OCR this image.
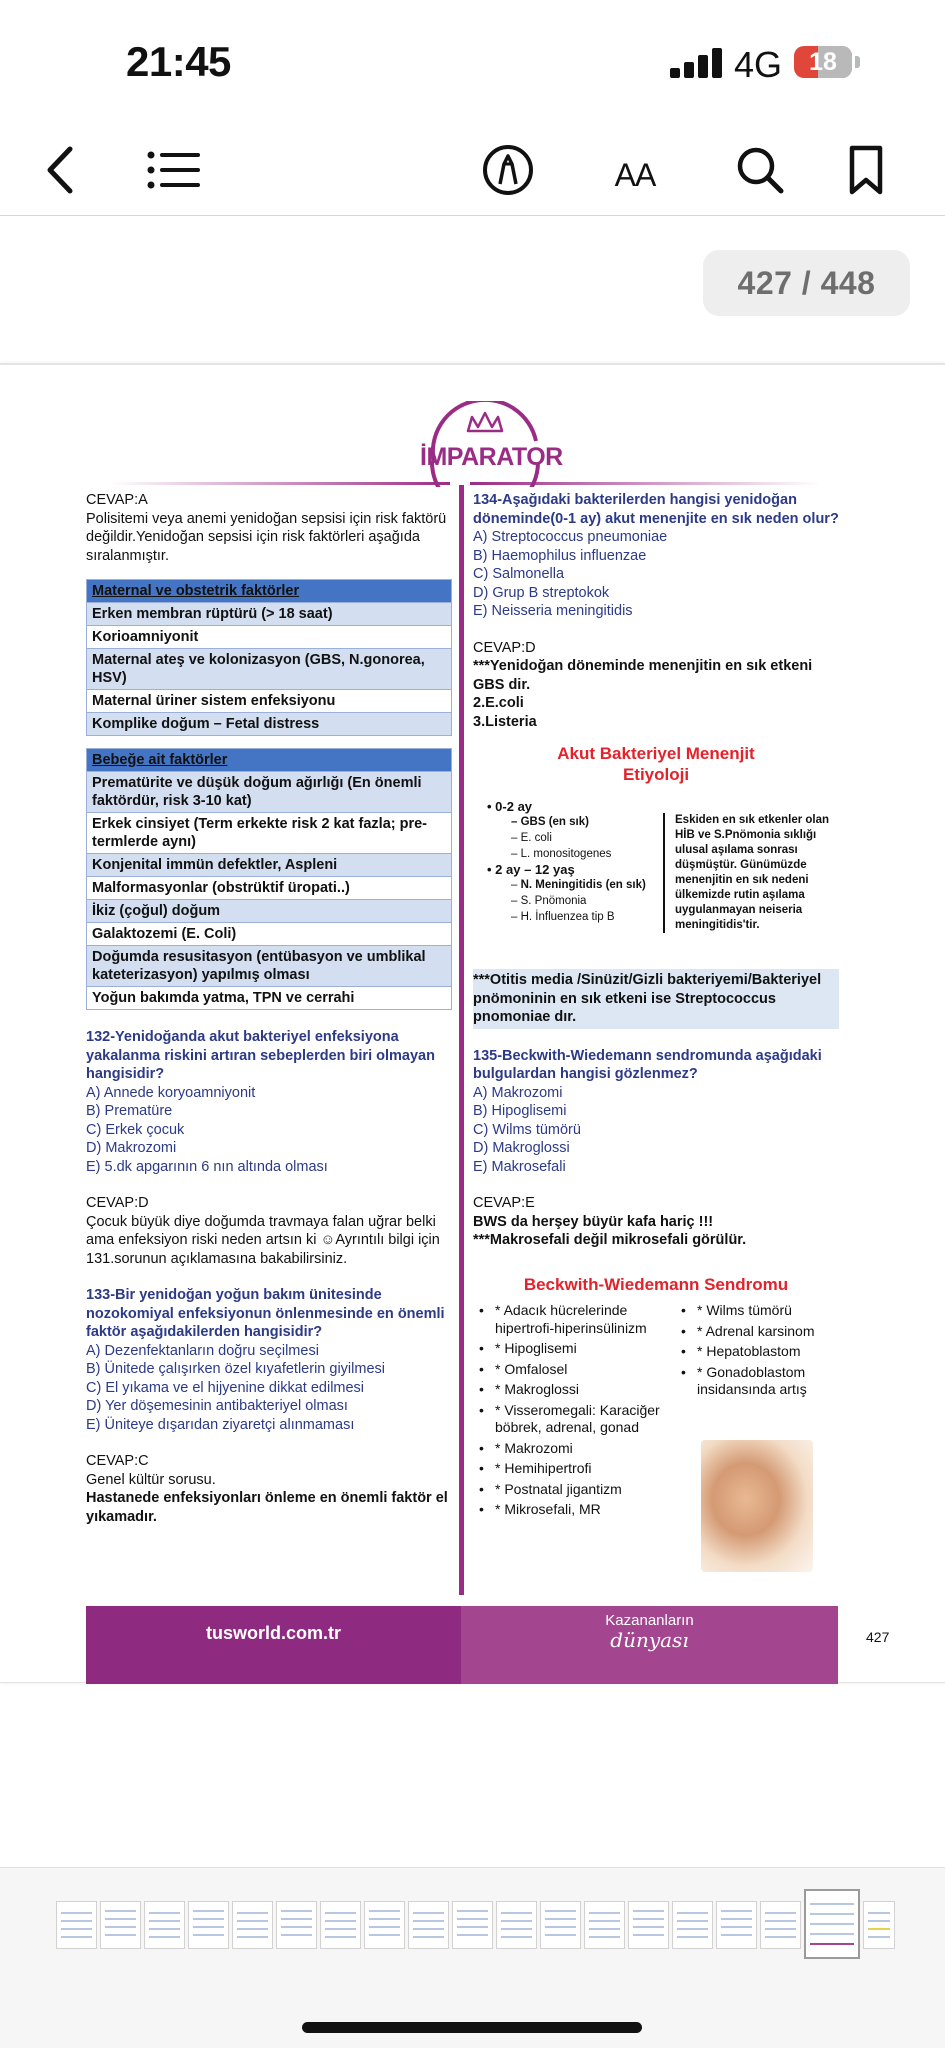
21:45	4G	18
AA
427 / 448
İMPARATOR
CEVAP:A
Polisitemi veya anemi yenidoğan sepsisi için risk faktörü değildir.Yenidoğan sepsisi için risk faktörleri aşağıda sıralanmıştır.
Maternal ve obstetrik faktörler
Erken membran rüptürü (> 18 saat)
Korioamniyonit
Maternal ateş ve kolonizasyon (GBS, N.gonorea, HSV)
Maternal üriner sistem enfeksiyonu
Komplike doğum – Fetal distress
Bebeğe ait faktörler
Prematürite ve düşük doğum ağırlığı (En önemli faktördür, risk 3-10 kat)
Erkek cinsiyet (Term erkekte risk 2 kat fazla; pre-termlerde aynı)
Konjenital immün defektler, Aspleni
Malformasyonlar (obstrüktif üropati..)
İkiz (çoğul) doğum
Galaktozemi (E. Coli)
Doğumda resusitasyon (entübasyon ve umblikal kateterizasyon) yapılmış olması
Yoğun bakımda yatma, TPN ve cerrahi
132-Yenidoğanda akut bakteriyel enfeksiyona yakalanma riskini artıran sebeplerden biri olmayan hangisidir?
A) Annede koryoamniyonit
B) Prematüre
C) Erkek çocuk
D) Makrozomi
E) 5.dk apgarının 6 nın altında olması
CEVAP:D
Çocuk büyük diye doğumda travmaya falan uğrar belki ama enfeksiyon riski neden artsın ki ☺Ayrıntılı bilgi için 131.sorunun açıklamasına bakabilirsiniz.
133-Bir yenidoğan yoğun bakım ünitesinde nozokomiyal enfeksiyonun önlenmesinde en önemli faktör aşağıdakilerden hangisidir?
A) Dezenfektanların doğru seçilmesi
B) Ünitede çalışırken özel kıyafetlerin giyilmesi
C) El yıkama ve el hijyenine dikkat edilmesi
D) Yer döşemesinin antibakteriyel olması
E) Üniteye dışarıdan ziyaretçi alınmaması
CEVAP:C
Genel kültür sorusu.
Hastanede enfeksiyonları önleme en önemli faktör el yıkamadır.
134-Aşağıdaki bakterilerden hangisi yenidoğan döneminde(0-1 ay) akut menenjite en sık neden olur?
A) Streptococcus pneumoniae
B) Haemophilus influenzae
C) Salmonella
D) Grup B streptokok
E) Neisseria meningitidis
CEVAP:D
***Yenidoğan döneminde menenjitin en sık etkeni GBS dir.
2.E.coli
3.Listeria
Akut Bakteriyel Menenjit
Etiyoloji
• 0-2 ay
– GBS (en sık)
– E. coli
– L. monositogenes
• 2 ay – 12 yaş
– N. Meningitidis (en sık)
– S. Pnömonia
– H. İnfluenzea tip B
Eskiden en sık etkenler olan HİB ve S.Pnömonia sıklığı ulusal aşılama sonrası düşmüştür. Günümüzde menenjitin en sık nedeni ülkemizde rutin aşılama uygulanmayan neiseria meningitidis'tir.
***Otitis media /Sinüzit/Gizli bakteriyemi/Bakteriyel pnömoninin en sık etkeni ise Streptococcus pnomoniae dır.
135-Beckwith-Wiedemann sendromunda aşağıdaki bulgulardan hangisi gözlenmez?
A) Makrozomi
B) Hipoglisemi
C) Wilms tümörü
D) Makroglossi
E) Makrosefali
CEVAP:E
BWS da herşey büyür kafa hariç !!!
***Makrosefali değil mikrosefali görülür.
Beckwith-Wiedemann Sendromu
• * Adacık hücrelerinde hipertrofi-hiperinsülinizm
• * Hipoglisemi
• * Omfalosel
• * Makroglossi
• * Visseromegali: Karaciğer böbrek, adrenal, gonad
• * Makrozomi
• * Hemihipertrofi
• * Postnatal jigantizm
• * Mikrosefali, MR
• * Wilms tümörü
• * Adrenal karsinom
• * Hepatoblastom
• * Gonadoblastom insidansında artış
tusworld.com.tr
Kazananların
dünyası	427
